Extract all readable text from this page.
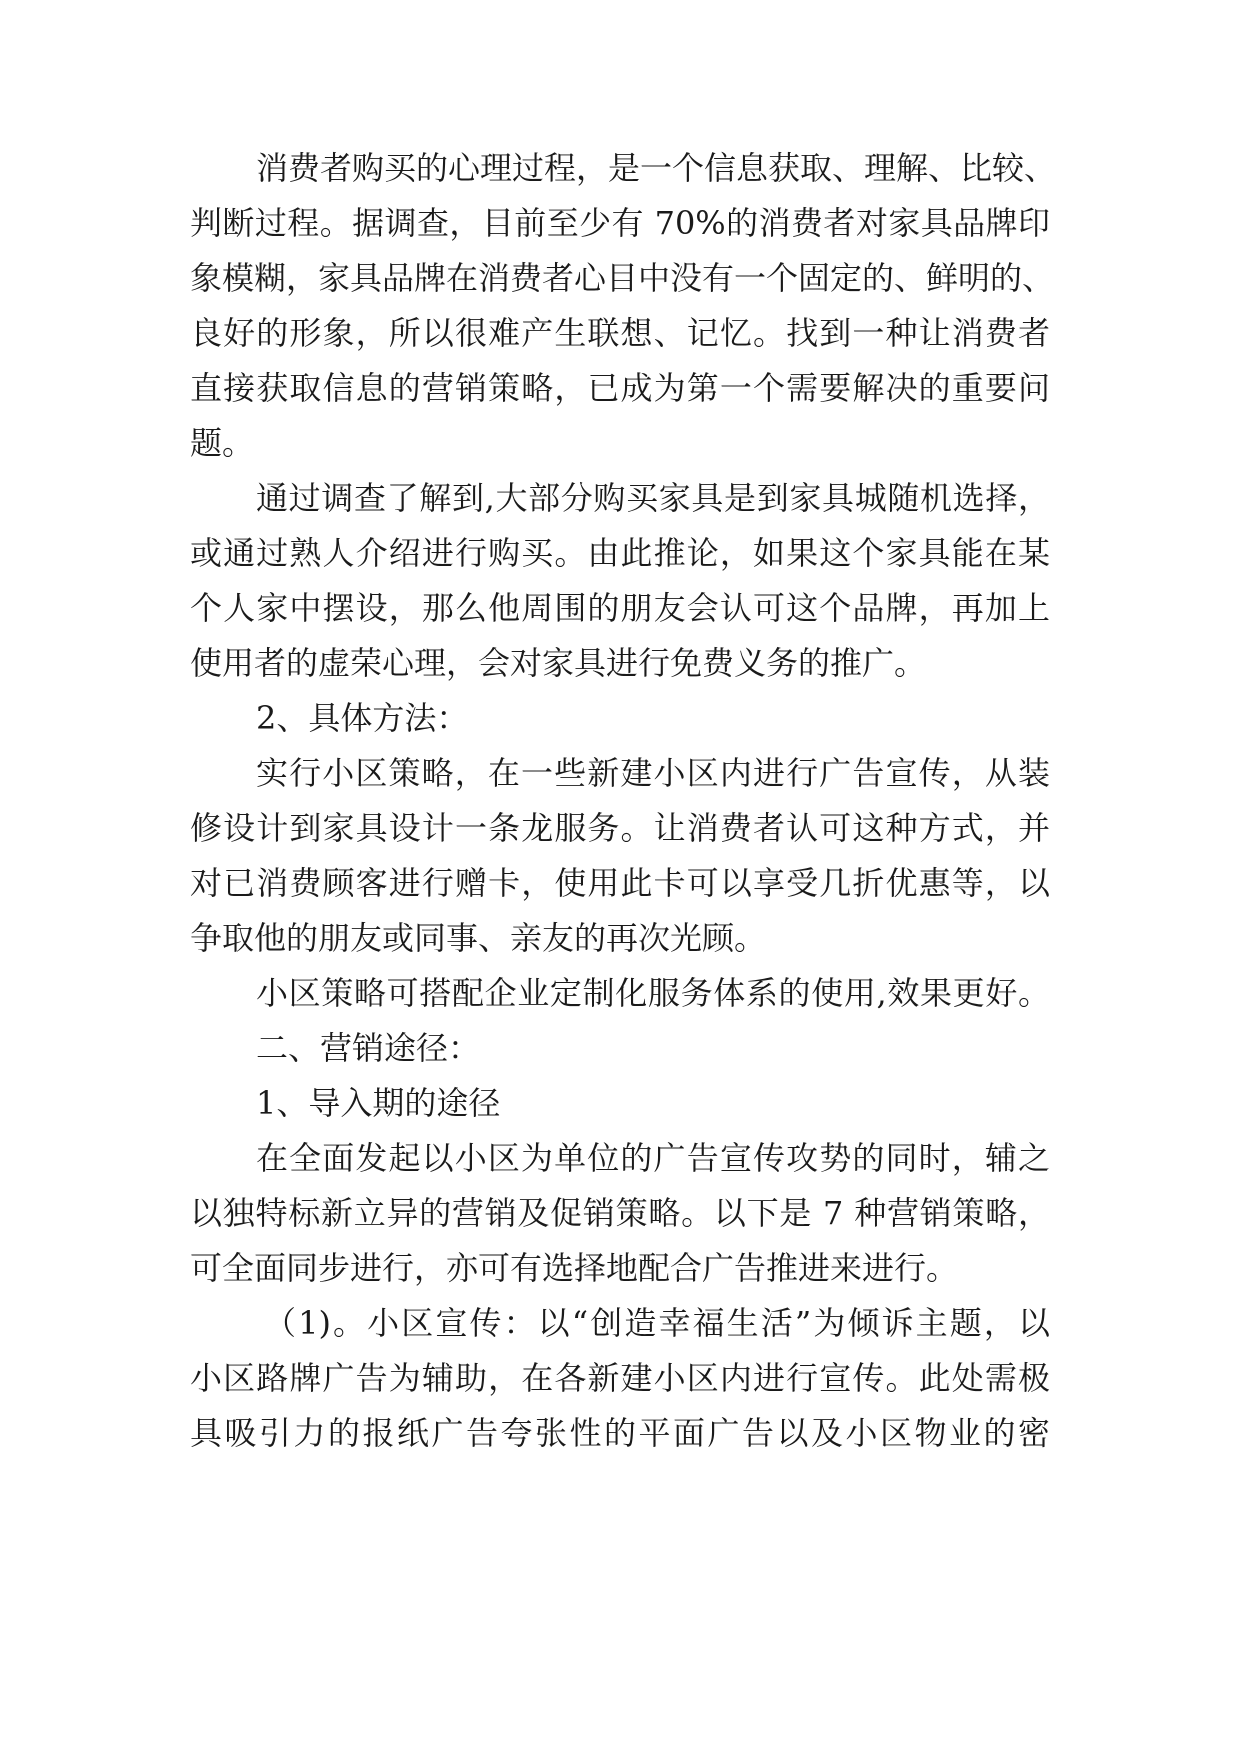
消费者购买的心理过程，是一个信息获取、理解、比较、

判断过程。据调查，目前至少有 70%的消费者对家具品牌印

象模糊，家具品牌在消费者心目中没有一个固定的、鲜明的、

良好的形象，所以很难产生联想、记忆。找到一种让消费者

直接获取信息的营销策略，已成为第一个需要解决的重要问

题。

通过调查了解到,大部分购买家具是到家具城随机选择，

或通过熟人介绍进行购买。由此推论，如果这个家具能在某

个人家中摆设，那么他周围的朋友会认可这个品牌，再加上

使用者的虚荣心理，会对家具进行免费义务的推广。

2、具体方法：

实行小区策略，在一些新建小区内进行广告宣传，从装

修设计到家具设计一条龙服务。让消费者认可这种方式，并

对已消费顾客进行赠卡，使用此卡可以享受几折优惠等，以

争取他的朋友或同事、亲友的再次光顾。

小区策略可搭配企业定制化服务体系的使用,效果更好。

二、营销途径：

1、导入期的途径

在全面发起以小区为单位的广告宣传攻势的同时，辅之

以独特标新立异的营销及促销策略。以下是 7 种营销策略，

可全面同步进行，亦可有选择地配合广告推进来进行。

（1)。小区宣传：以“创造幸福生活”为倾诉主题，以

小区路牌广告为辅助，在各新建小区内进行宣传。此处需极

具吸引力的报纸广告夸张性的平面广告以及小区物业的密
